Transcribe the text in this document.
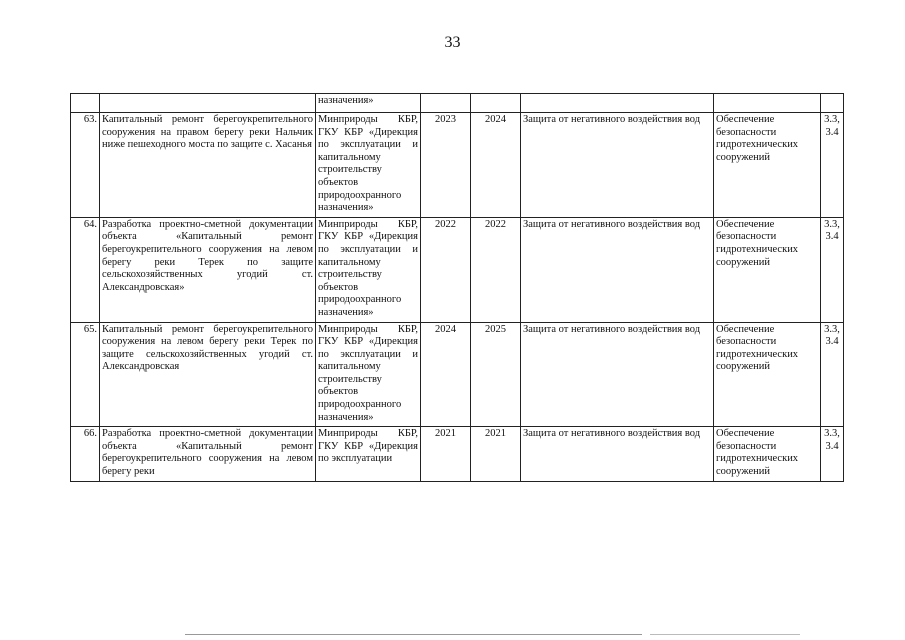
33
		назначения»					
63.	Капитальный ремонт берегоукрепительного сооружения на правом берегу реки Нальчик ниже пешеходного моста по защите с. Хасанья	Минприроды КБР, ГКУ КБР «Дирекция по эксплуатации и капитальному строительству объектов природоохранного назначения»	2023	2024	Защита от негативного воздействия вод	Обеспечение безопасности гидротехнических сооружений	3.3, 3.4
64.	Разработка проектно-сметной документации объекта «Капитальный ремонт берегоукрепительного сооружения на левом берегу реки Терек по защите сельскохозяйственных угодий ст. Александровская»	Минприроды КБР, ГКУ КБР «Дирекция по эксплуатации и капитальному строительству объектов природоохранного назначения»	2022	2022	Защита от негативного воздействия вод	Обеспечение безопасности гидротехнических сооружений	3.3, 3.4
65.	Капитальный ремонт берегоукрепительного сооружения на левом берегу реки Терек по защите сельскохозяйственных угодий ст. Александровская	Минприроды КБР, ГКУ КБР «Дирекция по эксплуатации и капитальному строительству объектов природоохранного назначения»	2024	2025	Защита от негативного воздействия вод	Обеспечение безопасности гидротехнических сооружений	3.3, 3.4
66.	Разработка проектно-сметной документации объекта «Капитальный ремонт берегоукрепительного сооружения на левом берегу реки	Минприроды КБР, ГКУ КБР «Дирекция по эксплуатации	2021	2021	Защита от негативного воздействия вод	Обеспечение безопасности гидротехнических сооружений	3.3, 3.4
